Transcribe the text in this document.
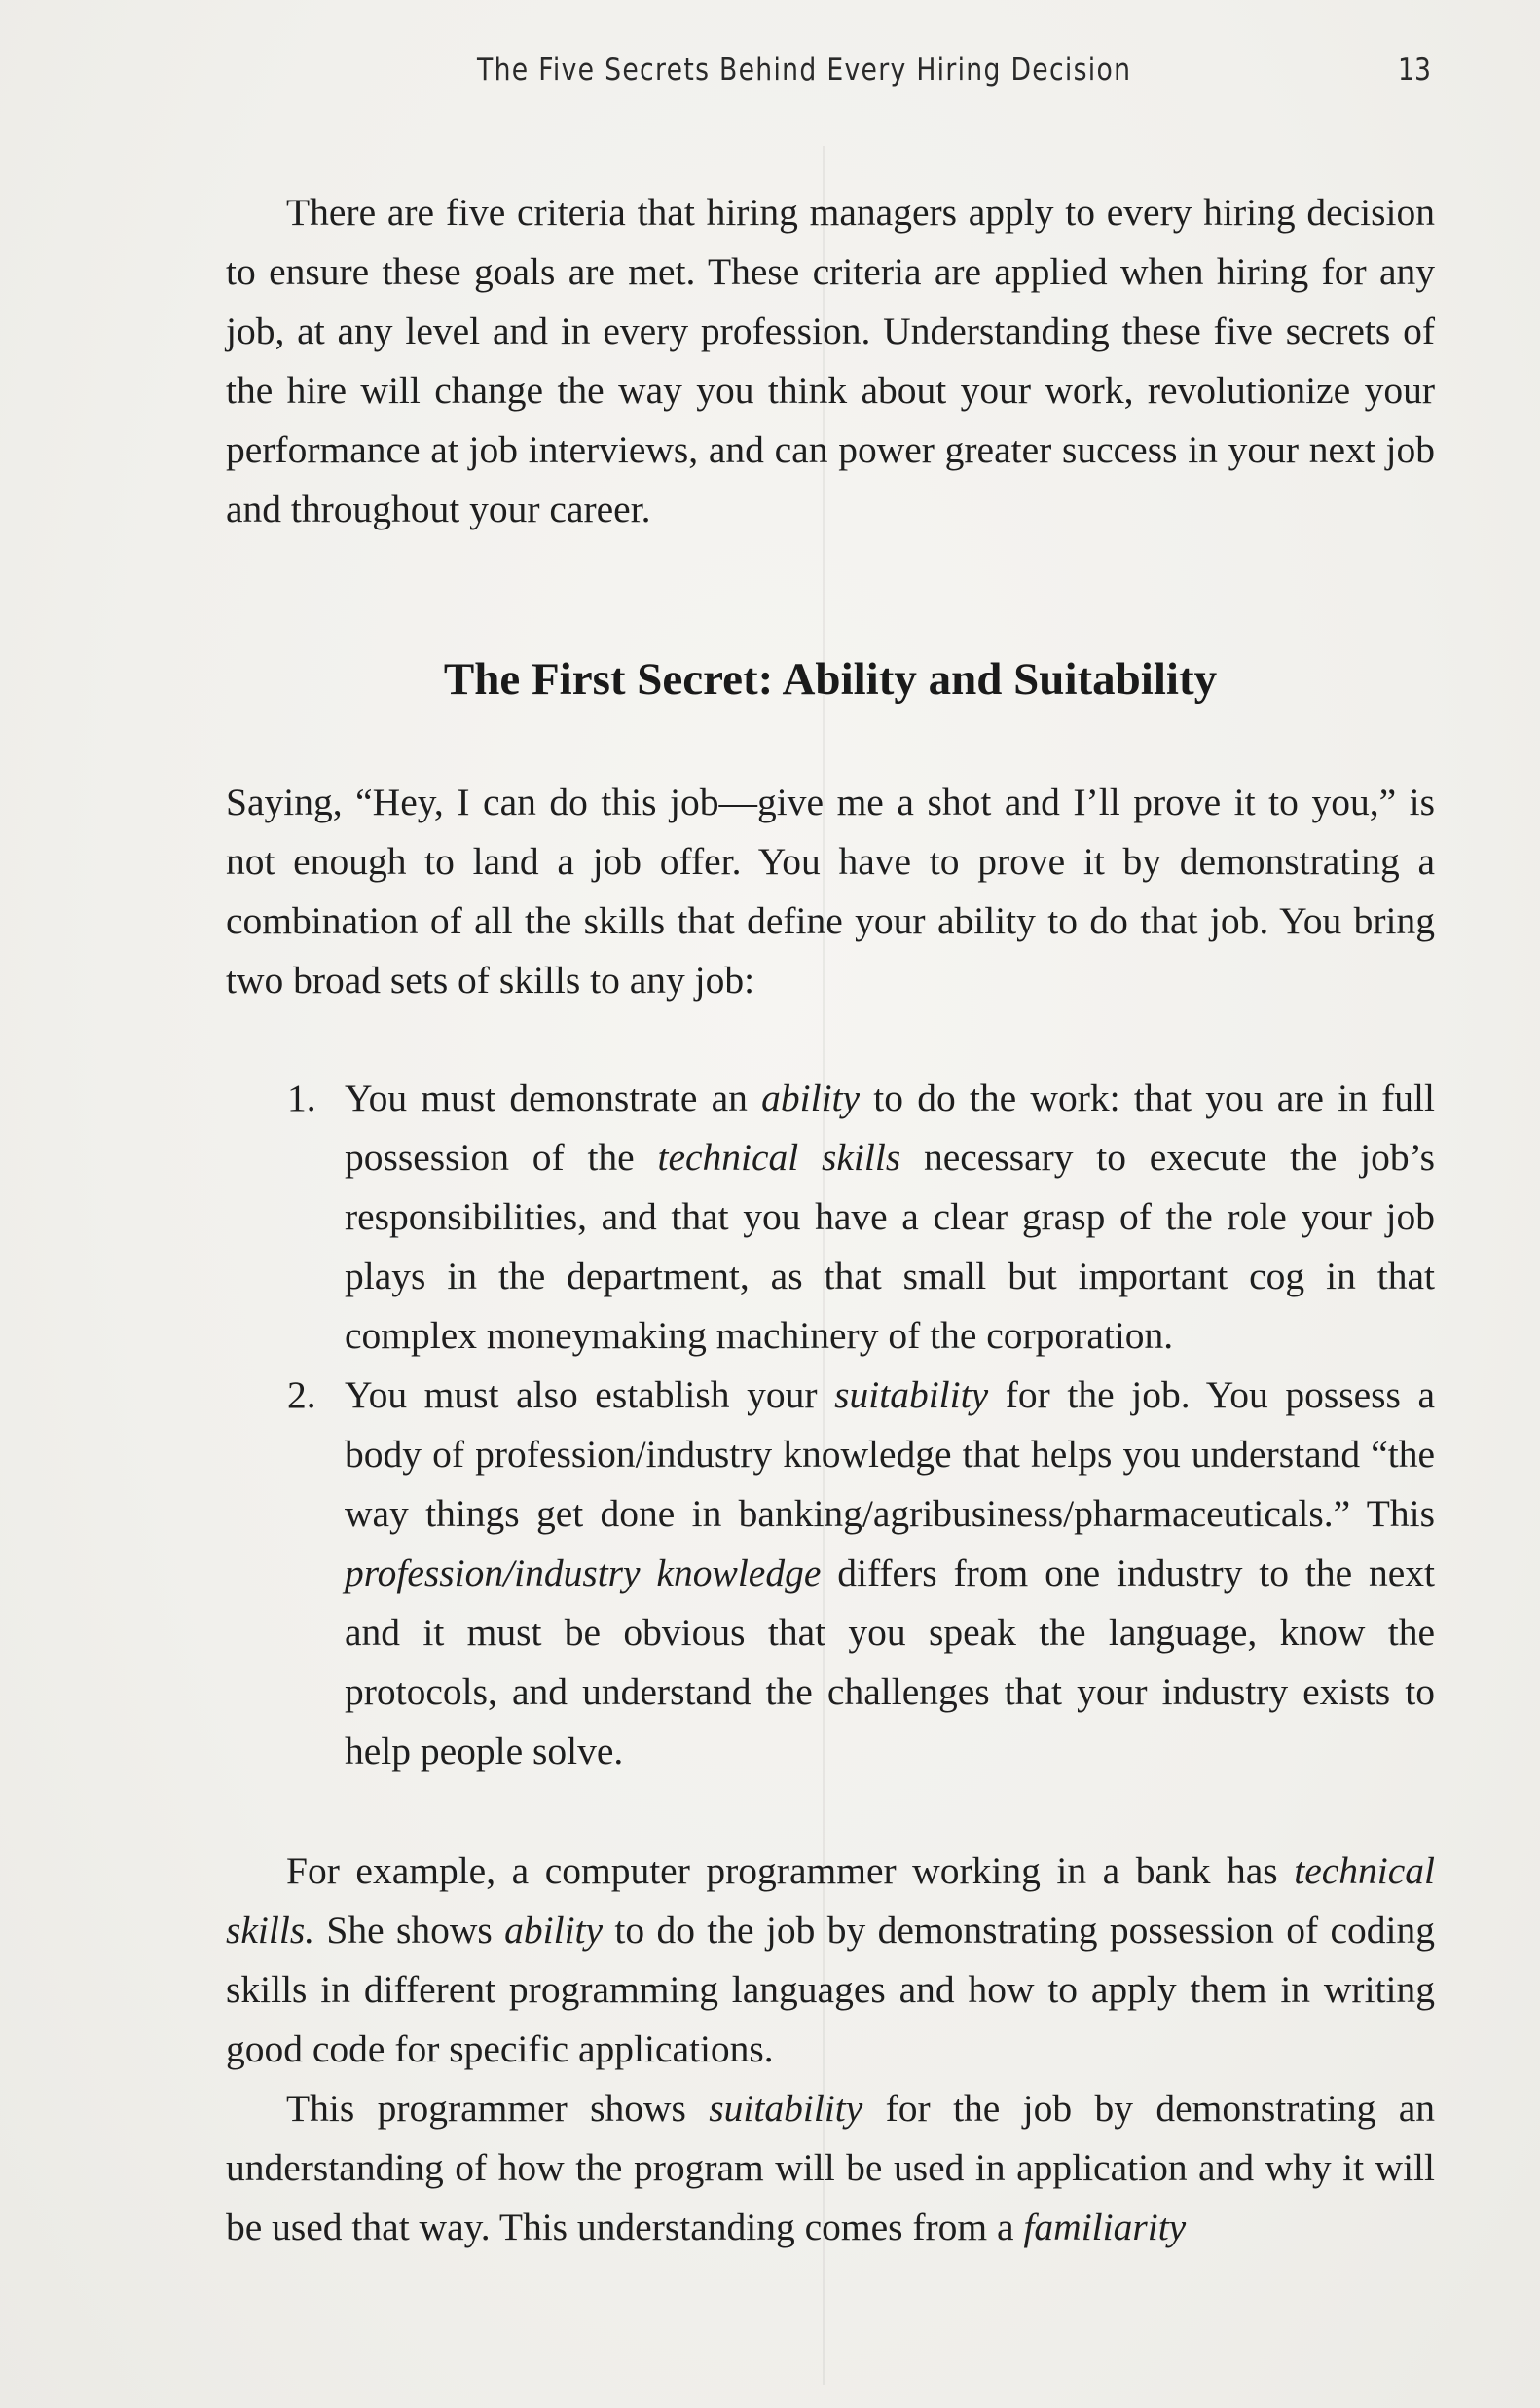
The Five Secrets Behind Every Hiring Decision	13

There are five criteria that hiring managers apply to every hiring decision to ensure these goals are met. These criteria are applied when hiring for any job, at any level and in every profession. Understanding these five secrets of the hire will change the way you think about your work, revolutionize your performance at job interviews, and can power greater success in your next job and throughout your career.

The First Secret: Ability and Suitability

Saying, “Hey, I can do this job—give me a shot and I’ll prove it to you,” is not enough to land a job offer. You have to prove it by demonstrating a combination of all the skills that define your ability to do that job. You bring two broad sets of skills to any job:

1. You must demonstrate an ability to do the work: that you are in full possession of the technical skills necessary to execute the job’s responsibilities, and that you have a clear grasp of the role your job plays in the department, as that small but important cog in that complex moneymaking machinery of the corporation.
2. You must also establish your suitability for the job. You possess a body of profession/industry knowledge that helps you understand “the way things get done in banking/agribusiness/pharmaceuticals.” This profession/industry knowledge differs from one industry to the next and it must be obvious that you speak the language, know the protocols, and understand the challenges that your industry exists to help people solve.

For example, a computer programmer working in a bank has technical skills. She shows ability to do the job by demonstrating possession of coding skills in different programming languages and how to apply them in writing good code for specific applications.

This programmer shows suitability for the job by demonstrating an understanding of how the program will be used in application and why it will be used that way. This understanding comes from a familiarity
